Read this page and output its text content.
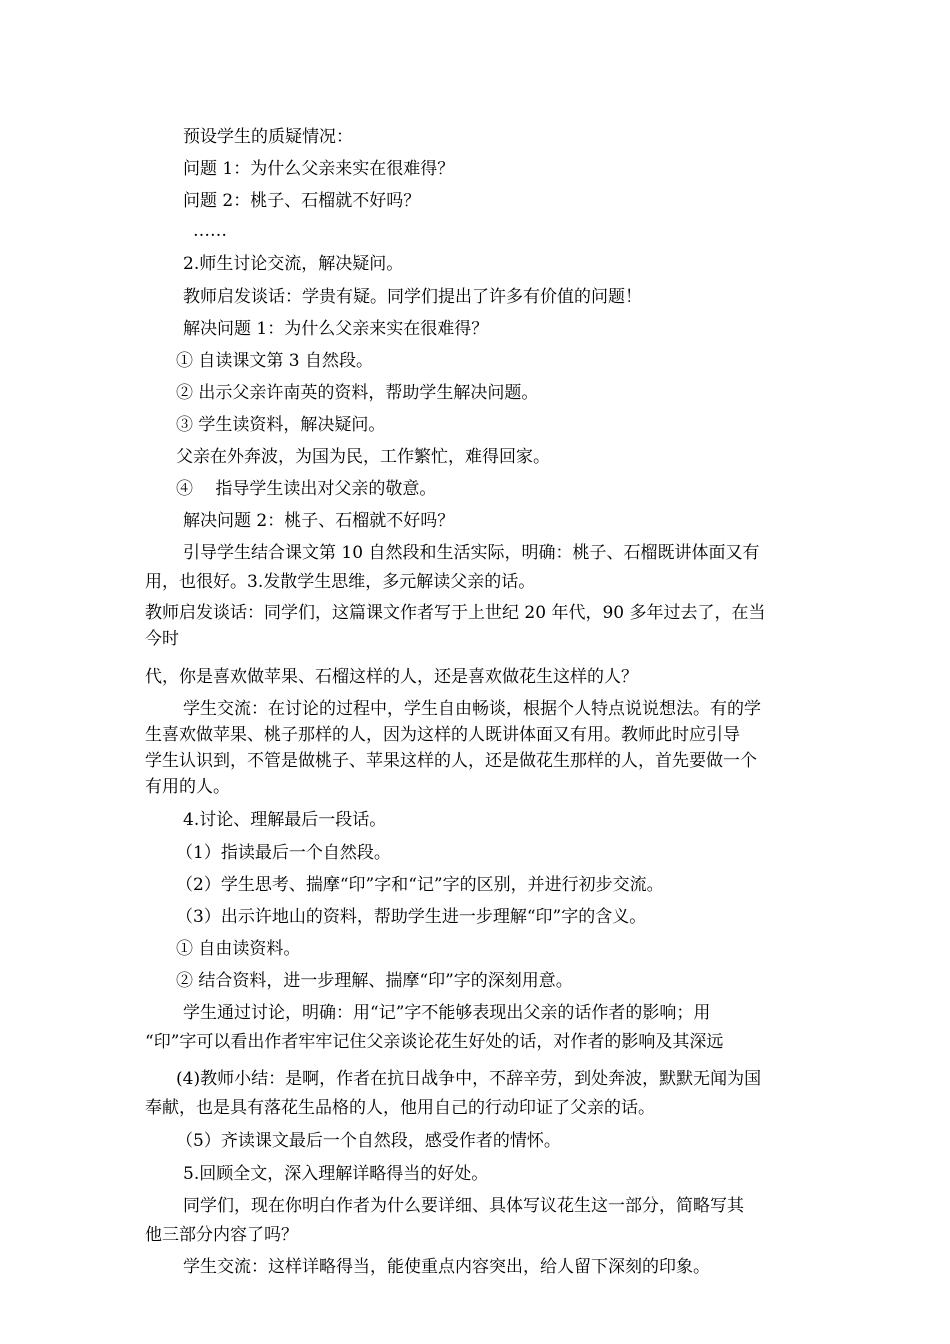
预设学生的质疑情况：
问题 1：为什么父亲来实在很难得？
问题 2：桃子、石榴就不好吗？
……
2.师生讨论交流，解决疑问。
教师启发谈话：学贵有疑。同学们提出了许多有价值的问题！
解决问题 1：为什么父亲来实在很难得？
① 自读课文第 3 自然段。
② 出示父亲许南英的资料，帮助学生解决问题。
③ 学生读资料，解决疑问。
父亲在外奔波，为国为民，工作繁忙，难得回家。
④　 指导学生读出对父亲的敬意。
解决问题 2：桃子、石榴就不好吗？
引导学生结合课文第 10 自然段和生活实际，明确：桃子、石榴既讲体面又有
用，也很好。3.发散学生思维，多元解读父亲的话。
教师启发谈话：同学们，这篇课文作者写于上世纪 20 年代，90 多年过去了，在当
今时
代，你是喜欢做苹果、石榴这样的人，还是喜欢做花生这样的人？
学生交流：在讨论的过程中，学生自由畅谈，根据个人特点说说想法。有的学
生喜欢做苹果、桃子那样的人，因为这样的人既讲体面又有用。教师此时应引导
学生认识到，不管是做桃子、苹果这样的人，还是做花生那样的人，首先要做一个
有用的人。
4.讨论、理解最后一段话。
（1）指读最后一个自然段。
（2）学生思考、揣摩“印”字和“记”字的区别，并进行初步交流。
（3）出示许地山的资料，帮助学生进一步理解“印”字的含义。
① 自由读资料。
② 结合资料，进一步理解、揣摩“印”字的深刻用意。
学生通过讨论，明确：用“记”字不能够表现出父亲的话作者的影响；用
“印”字可以看出作者牢牢记住父亲谈论花生好处的话，对作者的影响及其深远
(4)教师小结：是啊，作者在抗日战争中，不辞辛劳，到处奔波，默默无闻为国
奉献，也是具有落花生品格的人，他用自己的行动印证了父亲的话。
（5）齐读课文最后一个自然段，感受作者的情怀。
5.回顾全文，深入理解详略得当的好处。
同学们，现在你明白作者为什么要详细、具体写议花生这一部分，简略写其
他三部分内容了吗？
学生交流：这样详略得当，能使重点内容突出，给人留下深刻的印象。
